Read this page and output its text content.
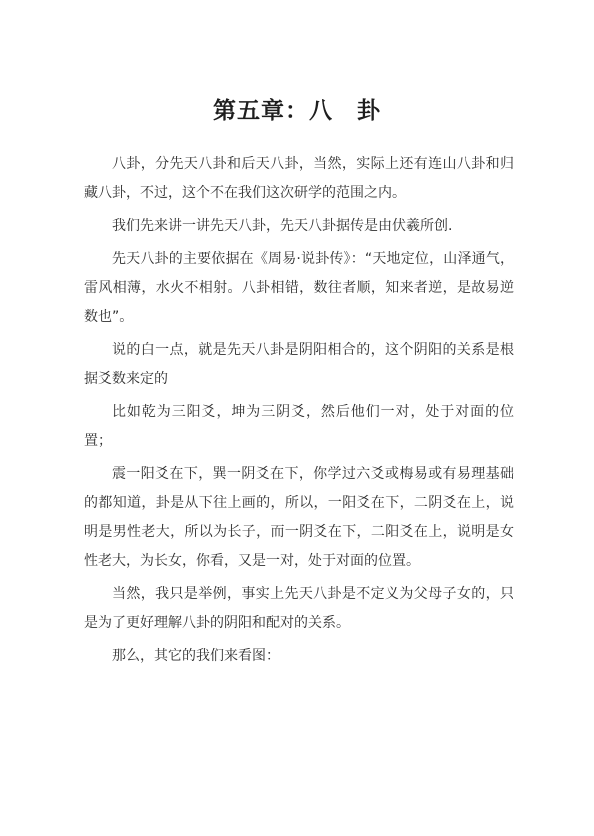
第五章：八　卦

八卦，分先天八卦和后天八卦，当然，实际上还有连山八卦和归藏八卦，不过，这个不在我们这次研学的范围之内。

我们先来讲一讲先天八卦，先天八卦据传是由伏羲所创.

先天八卦的主要依据在《周易·说卦传》：“天地定位，山泽通气，雷风相薄，水火不相射。八卦相错，数往者顺，知来者逆，是故易逆数也”。

说的白一点，就是先天八卦是阴阳相合的，这个阴阳的关系是根据爻数来定的

比如乾为三阳爻，坤为三阴爻，然后他们一对，处于对面的位置；

震一阳爻在下，巽一阴爻在下，你学过六爻或梅易或有易理基础的都知道，卦是从下往上画的，所以，一阳爻在下，二阴爻在上，说明是男性老大，所以为长子，而一阴爻在下，二阳爻在上，说明是女性老大，为长女，你看，又是一对，处于对面的位置。

当然，我只是举例，事实上先天八卦是不定义为父母子女的，只是为了更好理解八卦的阴阳和配对的关系。

那么，其它的我们来看图：
